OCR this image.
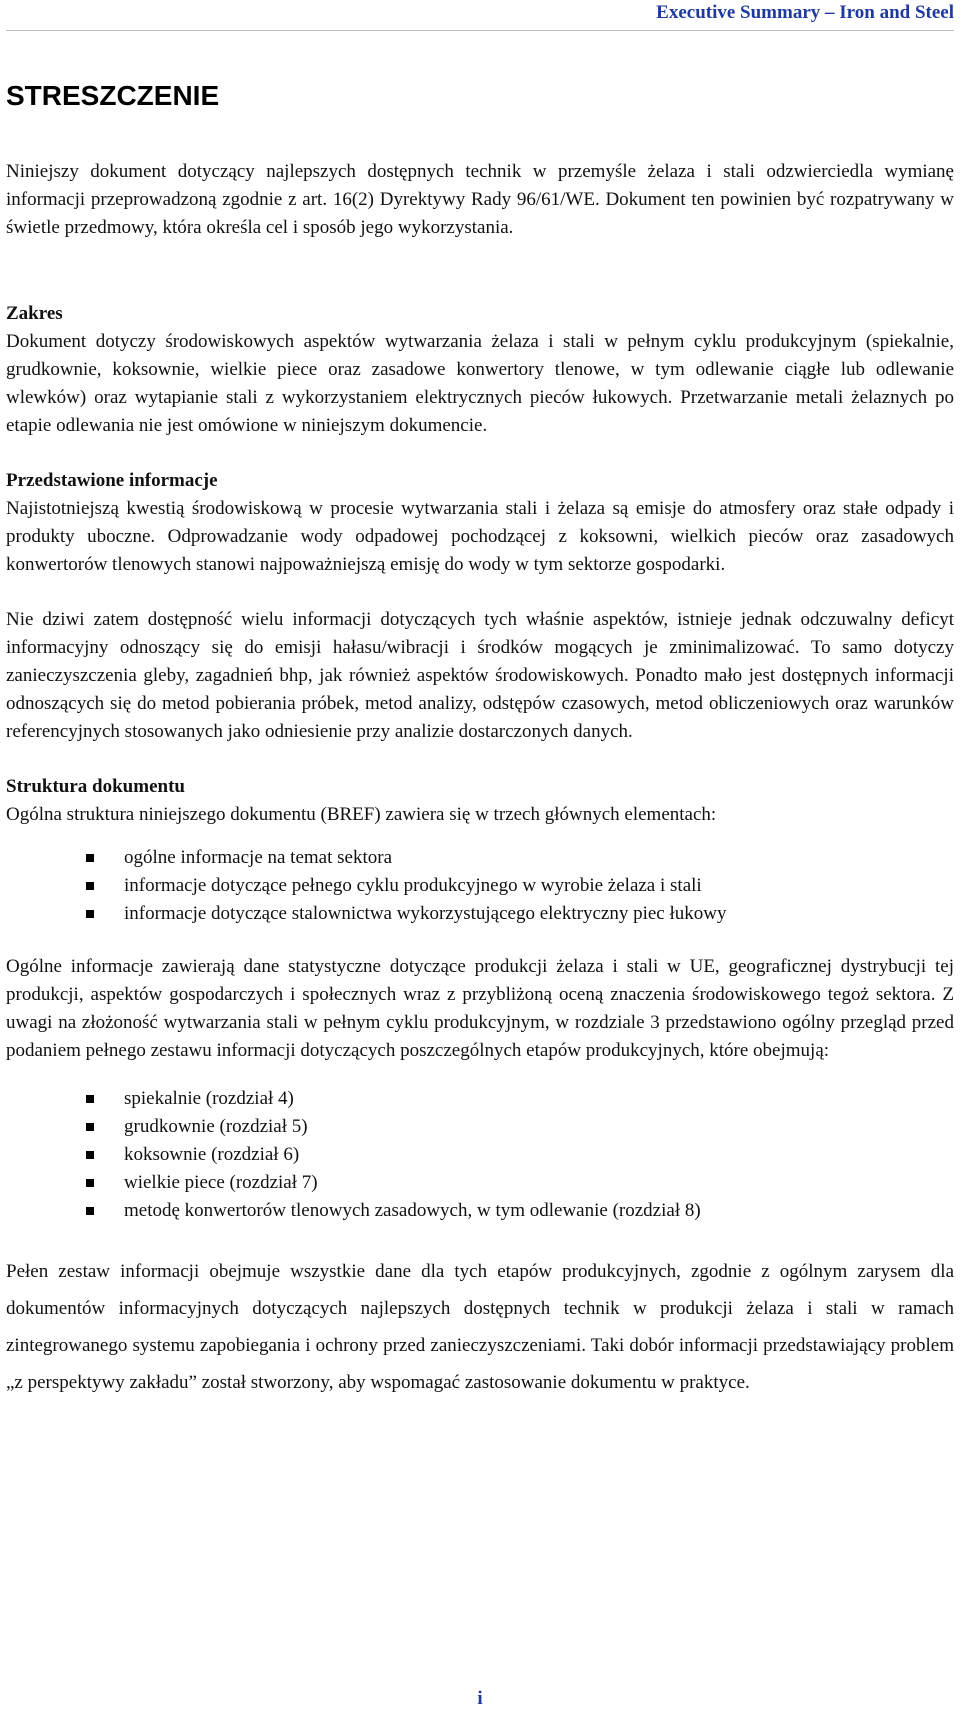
Executive Summary – Iron and Steel
STRESZCZENIE

Niniejszy dokument dotyczący najlepszych dostępnych technik w przemyśle żelaza i stali odzwierciedla wymianę informacji przeprowadzoną zgodnie z art. 16(2) Dyrektywy Rady 96/61/WE. Dokument ten powinien być rozpatrywany w świetle przedmowy, która określa cel i sposób jego wykorzystania.

Zakres

Dokument dotyczy środowiskowych aspektów wytwarzania żelaza i stali w pełnym cyklu produkcyjnym (spiekalnie, grudkownie, koksownie, wielkie piece oraz zasadowe konwertory tlenowe, w tym odlewanie ciągłe lub odlewanie wlewków) oraz wytapianie stali z wykorzystaniem elektrycznych pieców łukowych. Przetwarzanie metali żelaznych po etapie odlewania nie jest omówione w niniejszym dokumencie.

Przedstawione informacje

Najistotniejszą kwestią środowiskową w procesie wytwarzania stali i żelaza są emisje do atmosfery oraz stałe odpady i produkty uboczne. Odprowadzanie wody odpadowej pochodzącej z koksowni, wielkich pieców oraz zasadowych konwertorów tlenowych stanowi najpoważniejszą emisję do wody w tym sektorze gospodarki.

Nie dziwi zatem dostępność wielu informacji dotyczących tych właśnie aspektów, istnieje jednak odczuwalny deficyt informacyjny odnoszący się do emisji hałasu/wibracji i środków mogących je zminimalizować. To samo dotyczy zanieczyszczenia gleby, zagadnień bhp, jak również aspektów środowiskowych. Ponadto mało jest dostępnych informacji odnoszących się do metod pobierania próbek, metod analizy, odstępów czasowych, metod obliczeniowych oraz warunków referencyjnych stosowanych jako odniesienie przy analizie dostarczonych danych.

Struktura dokumentu

Ogólna struktura niniejszego dokumentu (BREF) zawiera się w trzech głównych elementach:

ogólne informacje na temat sektora
informacje dotyczące pełnego cyklu produkcyjnego w wyrobie żelaza i stali
informacje dotyczące stalownictwa wykorzystującego elektryczny piec łukowy

Ogólne informacje zawierają dane statystyczne dotyczące produkcji żelaza i stali w UE, geograficznej dystrybucji tej produkcji, aspektów gospodarczych i społecznych wraz z przybliżoną oceną znaczenia środowiskowego tegoż sektora. Z uwagi na złożoność wytwarzania stali w pełnym cyklu produkcyjnym, w rozdziale 3 przedstawiono ogólny przegląd przed podaniem pełnego zestawu informacji dotyczących poszczególnych etapów produkcyjnych, które obejmują:

spiekalnie (rozdział 4)
grudkownie (rozdział 5)
koksownie (rozdział 6)
wielkie piece (rozdział 7)
metodę konwertorów tlenowych zasadowych, w tym odlewanie (rozdział 8)

Pełen zestaw informacji obejmuje wszystkie dane dla tych etapów produkcyjnych, zgodnie z ogólnym zarysem dla dokumentów informacyjnych dotyczących najlepszych dostępnych technik w produkcji żelaza i stali w ramach zintegrowanego systemu zapobiegania i ochrony przed zanieczyszczeniami. Taki dobór informacji przedstawiający problem „z perspektywy zakładu” został stworzony, aby wspomagać zastosowanie dokumentu w praktyce.

i
